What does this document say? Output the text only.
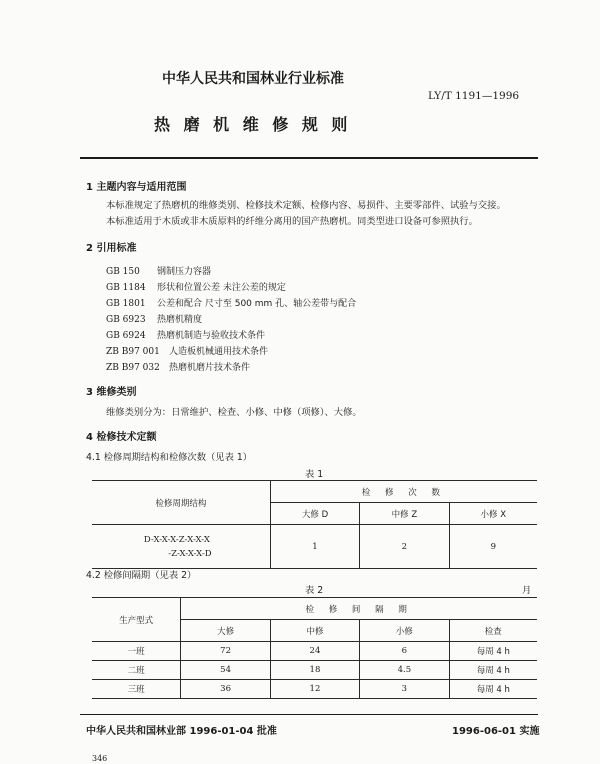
中华人民共和国林业行业标准
LY/T 1191—1996
热 磨 机 维 修 规 则
1 主题内容与适用范围
本标准规定了热磨机的维修类别、检修技术定额、检修内容、易损件、主要零部件、试验与交接。
本标准适用于木质或非木质原料的纤维分离用的国产热磨机。同类型进口设备可参照执行。
2 引用标准
GB 150 钢制压力容器
GB 1184 形状和位置公差 未注公差的规定
GB 1801 公差和配合 尺寸至 500 mm 孔、轴公差带与配合
GB 6923 热磨机精度
GB 6924 热磨机制造与验收技术条件
ZB B97 001 人造板机械通用技术条件
ZB B97 032 热磨机磨片技术条件
3 维修类别
维修类别分为：日常维护、检查、小修、中修（项修）、大修。
4 检修技术定额
4.1 检修周期结构和检修次数（见表 1）
表 1
检修周期结构	检 修 次 数		
	大修 D	中修 Z	小修 X

D-X-X-X-Z-X-X-X
-Z-X-X-X-D	1	2	9
4.2 检修间隔期（见表 2）
表 2	月
生产型式	检 修 间 隔 期			
	大修	中修	小修	检查
一班	72	24	6	每周 4 h
二班	54	18	4.5	每周 4 h
三班	36	12	3	每周 4 h
中华人民共和国林业部 1996-01-04 批准	1996-06-01 实施
346
